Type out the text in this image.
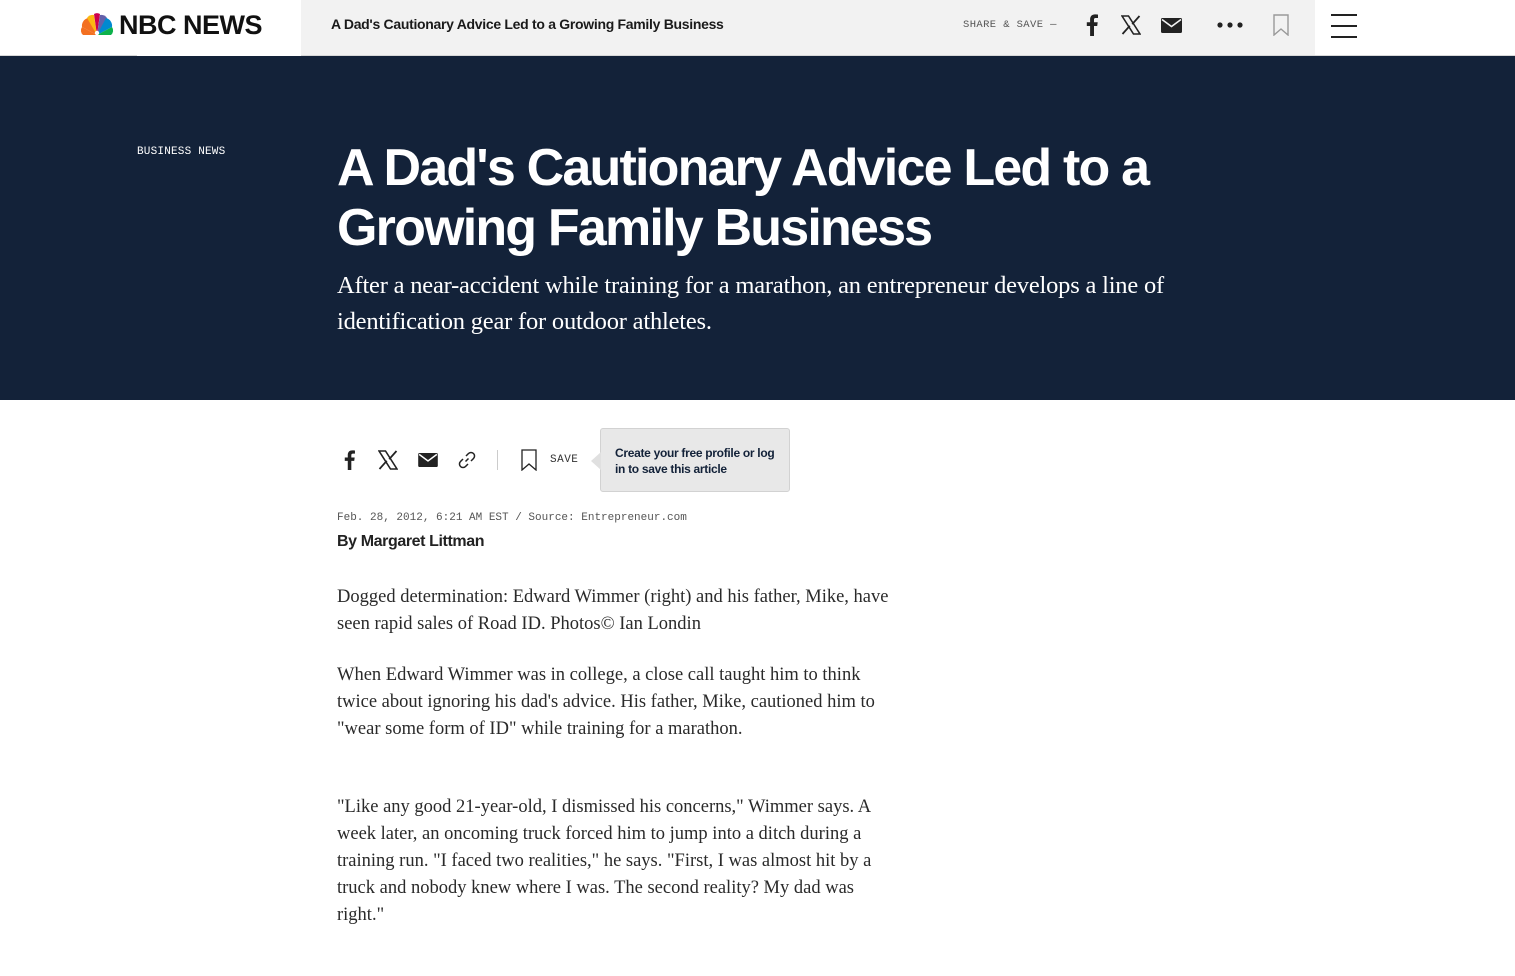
NBC NEWS	A Dad's Cautionary Advice Led to a Growing Family Business	SHARE & SAVE —
BUSINESS NEWS A Dad's Cautionary Advice Led to a Growing Family Business

After a near-accident while training for a marathon, an entrepreneur develops a line of identification gear for outdoor athletes.

SAVE	Create your free profile or log in to save this article
Feb. 28, 2012, 6:21 AM EST / Source: Entrepreneur.com
By Margaret Littman

Dogged determination: Edward Wimmer (right) and his father, Mike, have seen rapid sales of Road ID. Photos© Ian Londin

When Edward Wimmer was in college, a close call taught him to think twice about ignoring his dad's advice. His father, Mike, cautioned him to "wear some form of ID" while training for a marathon.

"Like any good 21-year-old, I dismissed his concerns," Wimmer says. A week later, an oncoming truck forced him to jump into a ditch during a training run. "I faced two realities," he says. "First, I was almost hit by a truck and nobody knew where I was. The second reality? My dad was right."
